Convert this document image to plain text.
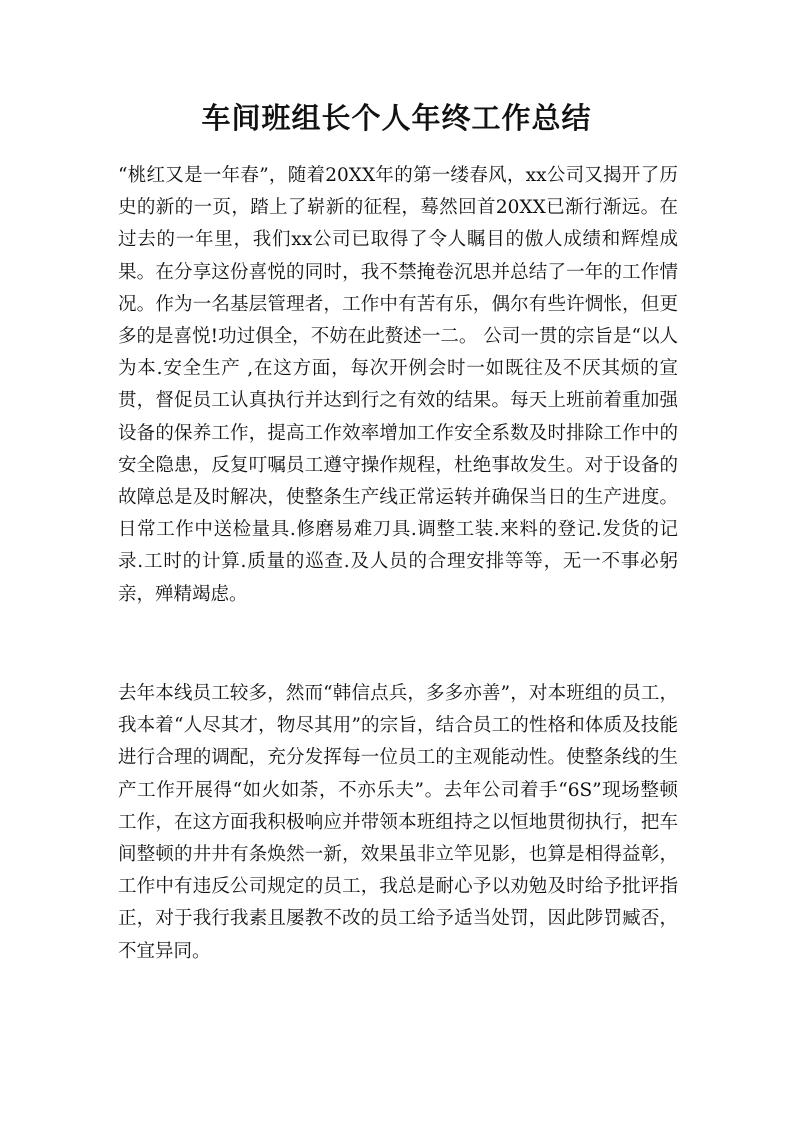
车间班组长个人年终工作总结

“桃红又是一年春”，随着20XX年的第一缕春风，xx公司又揭开了历史的新的一页，踏上了崭新的征程，蓦然回首20XX已渐行渐远。在过去的一年里，我们xx公司已取得了令人瞩目的傲人成绩和辉煌成果。在分享这份喜悦的同时，我不禁掩卷沉思并总结了一年的工作情况。作为一名基层管理者，工作中有苦有乐，偶尔有些许惆怅，但更多的是喜悦!功过俱全，不妨在此赘述一二。 公司一贯的宗旨是“以人为本.安全生产 ,在这方面，每次开例会时一如既往及不厌其烦的宣贯，督促员工认真执行并达到行之有效的结果。每天上班前着重加强设备的保养工作，提高工作效率增加工作安全系数及时排除工作中的安全隐患，反复叮嘱员工遵守操作规程，杜绝事故发生。对于设备的故障总是及时解决，使整条生产线正常运转并确保当日的生产进度。日常工作中送检量具.修磨易难刀具.调整工装.来料的登记.发货的记录.工时的计算.质量的巡查.及人员的合理安排等等，无一不事必躬亲，殚精竭虑。

去年本线员工较多，然而“韩信点兵，多多亦善”，对本班组的员工，我本着“人尽其才，物尽其用”的宗旨，结合员工的性格和体质及技能进行合理的调配，充分发挥每一位员工的主观能动性。使整条线的生产工作开展得“如火如荼，不亦乐夫”。去年公司着手“6S”现场整顿工作，在这方面我积极响应并带领本班组持之以恒地贯彻执行，把车间整顿的井井有条焕然一新，效果虽非立竿见影，也算是相得益彰，工作中有违反公司规定的员工，我总是耐心予以劝勉及时给予批评指正，对于我行我素且屡教不改的员工给予适当处罚，因此陟罚臧否，不宜异同。
